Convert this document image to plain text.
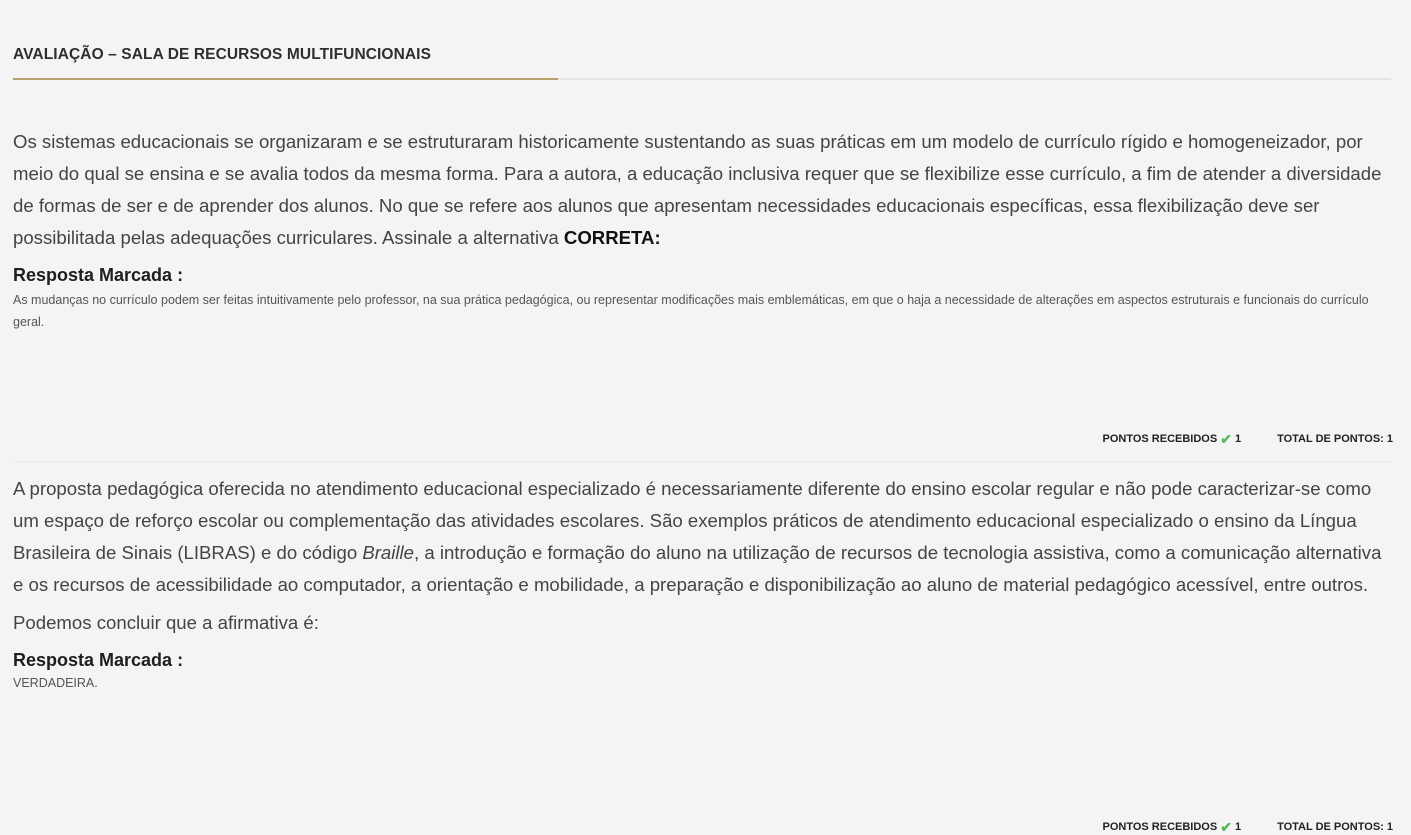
AVALIAÇÃO – SALA DE RECURSOS MULTIFUNCIONAIS

Os sistemas educacionais se organizaram e se estruturaram historicamente sustentando as suas práticas em um modelo de currículo rígido e homogeneizador, por meio do qual se ensina e se avalia todos da mesma forma. Para a autora, a educação inclusiva requer que se flexibilize esse currículo, a fim de atender a diversidade de formas de ser e de aprender dos alunos. No que se refere aos alunos que apresentam necessidades educacionais específicas, essa flexibilização deve ser possibilitada pelas adequações curriculares. Assinale a alternativa CORRETA:

Resposta Marcada :

As mudanças no currículo podem ser feitas intuitivamente pelo professor, na sua prática pedagógica, ou representar modificações mais emblemáticas, em que o haja a necessidade de alterações em aspectos estruturais e funcionais do currículo geral.

PONTOS RECEBIDOS ✔ 1	TOTAL DE PONTOS: 1

A proposta pedagógica oferecida no atendimento educacional especializado é necessariamente diferente do ensino escolar regular e não pode caracterizar-se como um espaço de reforço escolar ou complementação das atividades escolares. São exemplos práticos de atendimento educacional especializado o ensino da Língua Brasileira de Sinais (LIBRAS) e do código Braille, a introdução e formação do aluno na utilização de recursos de tecnologia assistiva, como a comunicação alternativa e os recursos de acessibilidade ao computador, a orientação e mobilidade, a preparação e disponibilização ao aluno de material pedagógico acessível, entre outros.

Podemos concluir que a afirmativa é:

Resposta Marcada :

VERDADEIRA.

PONTOS RECEBIDOS ✔ 1	TOTAL DE PONTOS: 1
